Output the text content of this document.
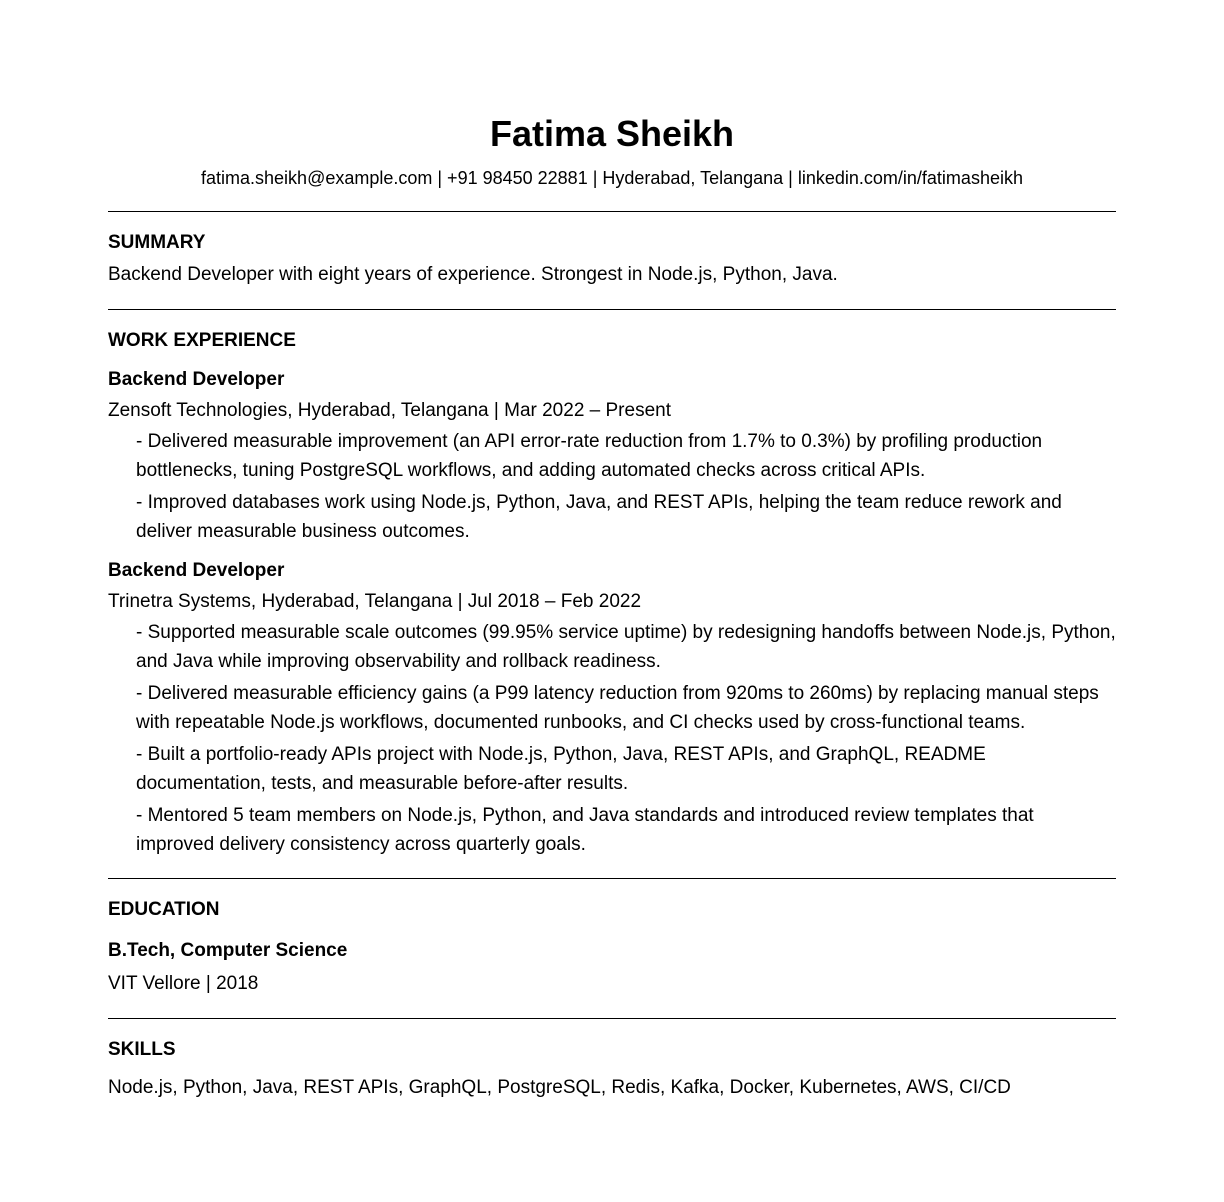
Fatima Sheikh
fatima.sheikh@example.com | +91 98450 22881 | Hyderabad, Telangana | linkedin.com/in/fatimasheikh
SUMMARY
Backend Developer with eight years of experience. Strongest in Node.js, Python, Java.
WORK EXPERIENCE
Backend Developer
Zensoft Technologies, Hyderabad, Telangana | Mar 2022 – Present
- Delivered measurable improvement (an API error-rate reduction from 1.7% to 0.3%) by profiling production bottlenecks, tuning PostgreSQL workflows, and adding automated checks across critical APIs.
- Improved databases work using Node.js, Python, Java, and REST APIs, helping the team reduce rework and deliver measurable business outcomes.
Backend Developer
Trinetra Systems, Hyderabad, Telangana | Jul 2018 – Feb 2022
- Supported measurable scale outcomes (99.95% service uptime) by redesigning handoffs between Node.js, Python, and Java while improving observability and rollback readiness.
- Delivered measurable efficiency gains (a P99 latency reduction from 920ms to 260ms) by replacing manual steps with repeatable Node.js workflows, documented runbooks, and CI checks used by cross-functional teams.
- Built a portfolio-ready APIs project with Node.js, Python, Java, REST APIs, and GraphQL, README documentation, tests, and measurable before-after results.
- Mentored 5 team members on Node.js, Python, and Java standards and introduced review templates that improved delivery consistency across quarterly goals.
EDUCATION
B.Tech, Computer Science
VIT Vellore | 2018
SKILLS
Node.js, Python, Java, REST APIs, GraphQL, PostgreSQL, Redis, Kafka, Docker, Kubernetes, AWS, CI/CD
